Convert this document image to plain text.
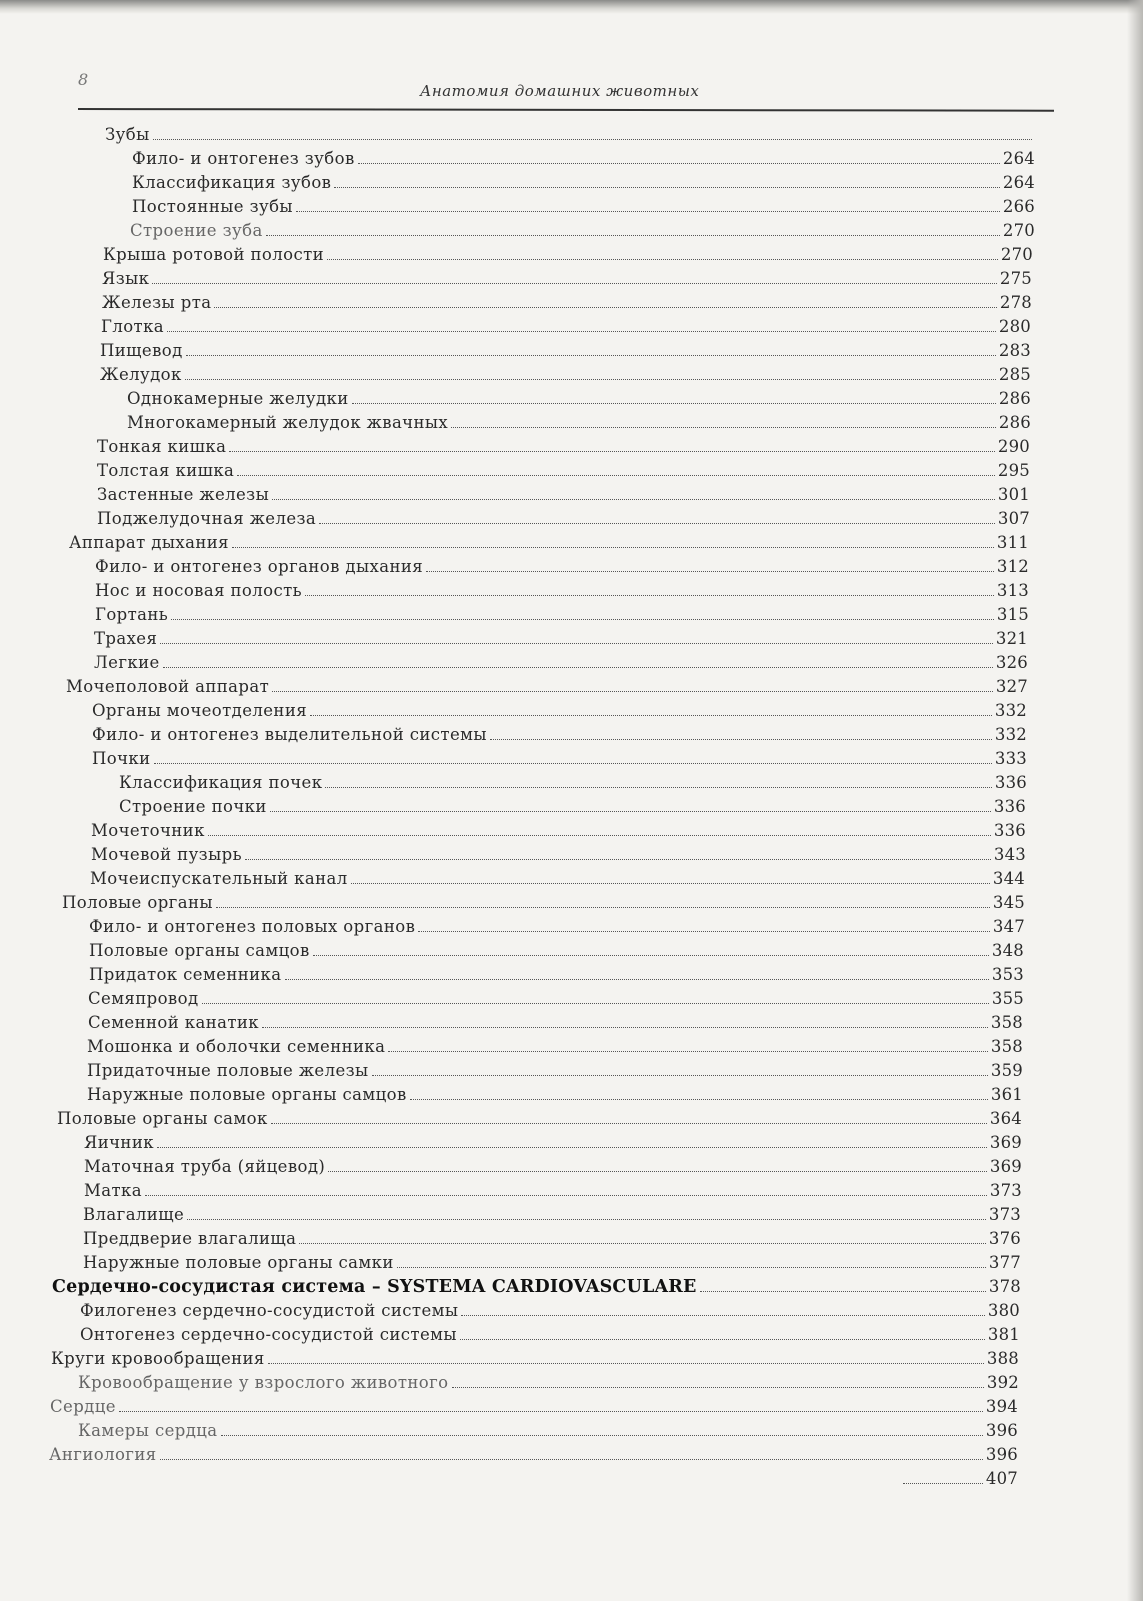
8
Анатомия домашних животных
Зубы
Фило- и онтогенез зубов	264
Классификация зубов	264
Постоянные зубы	266
Строение зуба	270
Крыша ротовой полости	270
Язык	275
Железы рта	278
Глотка	280
Пищевод	283
Желудок	285
Однокамерные желудки	286
Многокамерный желудок жвачных	286
Тонкая кишка	290
Толстая кишка	295
Застенные железы	301
Поджелудочная железа	307
Аппарат дыхания	311
Фило- и онтогенез органов дыхания	312
Нос и носовая полость	313
Гортань	315
Трахея	321
Легкие	326
Мочеполовой аппарат	327
Органы мочеотделения	332
Фило- и онтогенез выделительной системы	332
Почки	333
Классификация почек	336
Строение почки	336
Мочеточник	336
Мочевой пузырь	343
Мочеиспускательный канал	344
Половые органы	345
Фило- и онтогенез половых органов	347
Половые органы самцов	348
Придаток семенника	353
Семяпровод	355
Семенной канатик	358
Мошонка и оболочки семенника	358
Придаточные половые железы	359
Наружные половые органы самцов	361
Половые органы самок	364
Яичник	369
Маточная труба (яйцевод)	369
Матка	373
Влагалище	373
Преддверие влагалища	376
Наружные половые органы самки	377
Сердечно-сосудистая система – SYSTEMA CARDIOVASCULARE	378
Филогенез сердечно-сосудистой системы	380
Онтогенез сердечно-сосудистой системы	381
Круги кровообращения	388
Кровообращение у взрослого животного	392
Сердце	394
Камеры сердца	396
Ангиология	396
407
